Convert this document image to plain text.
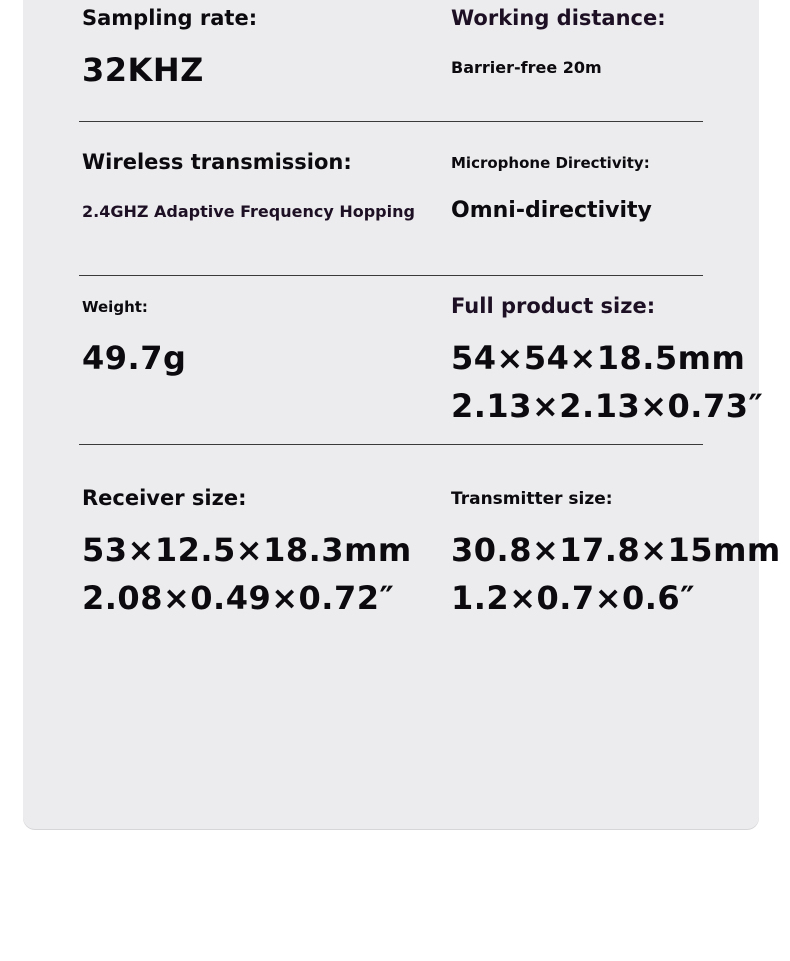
Sampling rate:
32KHZ
Working distance:
Barrier-free 20m
Wireless transmission:
2.4GHZ Adaptive Frequency Hopping
Microphone Directivity:
Omni-directivity
Weight:
49.7g
Full product size:
54×54×18.5mm
2.13×2.13×0.73″
Receiver size:
53×12.5×18.3mm
2.08×0.49×0.72″
Transmitter size:
30.8×17.8×15mm
1.2×0.7×0.6″
